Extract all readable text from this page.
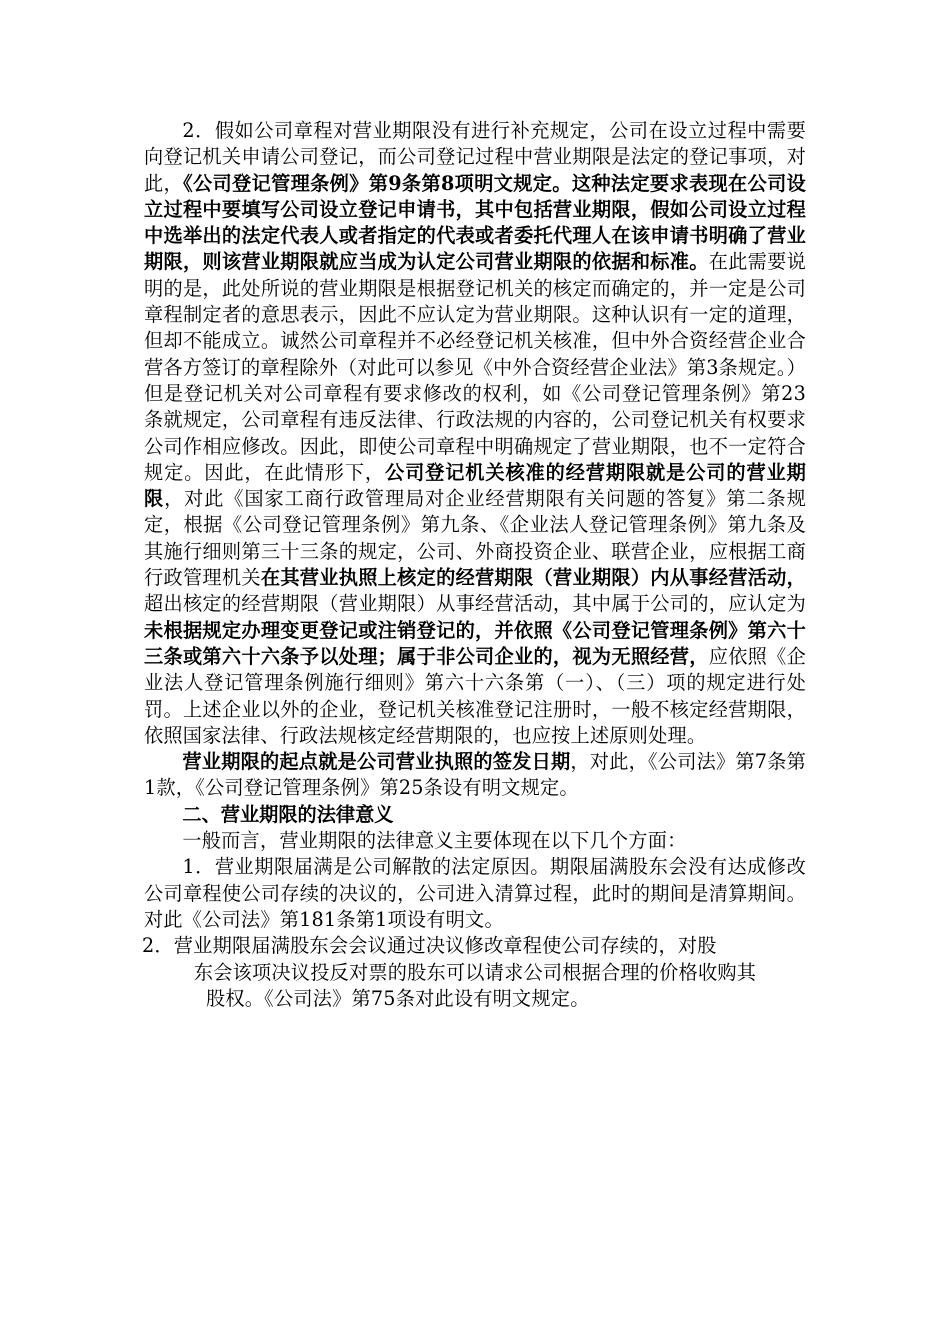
2．假如公司章程对营业期限没有进行补充规定，公司在设立过程中需要向登记机关申请公司登记，而公司登记过程中营业期限是法定的登记事项，对此，《公司登记管理条例》第9条第8项明文规定。这种法定要求表现在公司设立过程中要填写公司设立登记申请书，其中包括营业期限，假如公司设立过程中选举出的法定代表人或者指定的代表或者委托代理人在该申请书明确了营业期限，则该营业期限就应当成为认定公司营业期限的依据和标准。在此需要说明的是，此处所说的营业期限是根据登记机关的核定而确定的，并一定是公司章程制定者的意思表示，因此不应认定为营业期限。这种认识有一定的道理，但却不能成立。诚然公司章程并不必经登记机关核准，但中外合资经营企业合营各方签订的章程除外（对此可以参见《中外合资经营企业法》第3条规定。）但是登记机关对公司章程有要求修改的权利，如《公司登记管理条例》第23条就规定，公司章程有违反法律、行政法规的内容的，公司登记机关有权要求公司作相应修改。因此，即使公司章程中明确规定了营业期限，也不一定符合规定。因此，在此情形下，公司登记机关核准的经营期限就是公司的营业期限，对此《国家工商行政管理局对企业经营期限有关问题的答复》第二条规定，根据《公司登记管理条例》第九条、《企业法人登记管理条例》第九条及其施行细则第三十三条的规定，公司、外商投资企业、联营企业，应根据工商行政管理机关在其营业执照上核定的经营期限（营业期限）内从事经营活动，超出核定的经营期限（营业期限）从事经营活动，其中属于公司的，应认定为未根据规定办理变更登记或注销登记的，并依照《公司登记管理条例》第六十三条或第六十六条予以处理；属于非公司企业的，视为无照经营，应依照《企业法人登记管理条例施行细则》第六十六条第（一）、（三）项的规定进行处罚。上述企业以外的企业，登记机关核准登记注册时，一般不核定经营期限，依照国家法律、行政法规核定经营期限的，也应按上述原则处理。

营业期限的起点就是公司营业执照的签发日期，对此，《公司法》第7条第1款，《公司登记管理条例》第25条设有明文规定。

二、营业期限的法律意义

一般而言，营业期限的法律意义主要体现在以下几个方面：

1．营业期限届满是公司解散的法定原因。期限届满股东会没有达成修改公司章程使公司存续的决议的，公司进入清算过程，此时的期间是清算期间。对此《公司法》第181条第1项设有明文。

2．营业期限届满股东会会议通过决议修改章程使公司存续的，对股

东会该项决议投反对票的股东可以请求公司根据合理的价格收购其

股权。《公司法》第75条对此设有明文规定。
